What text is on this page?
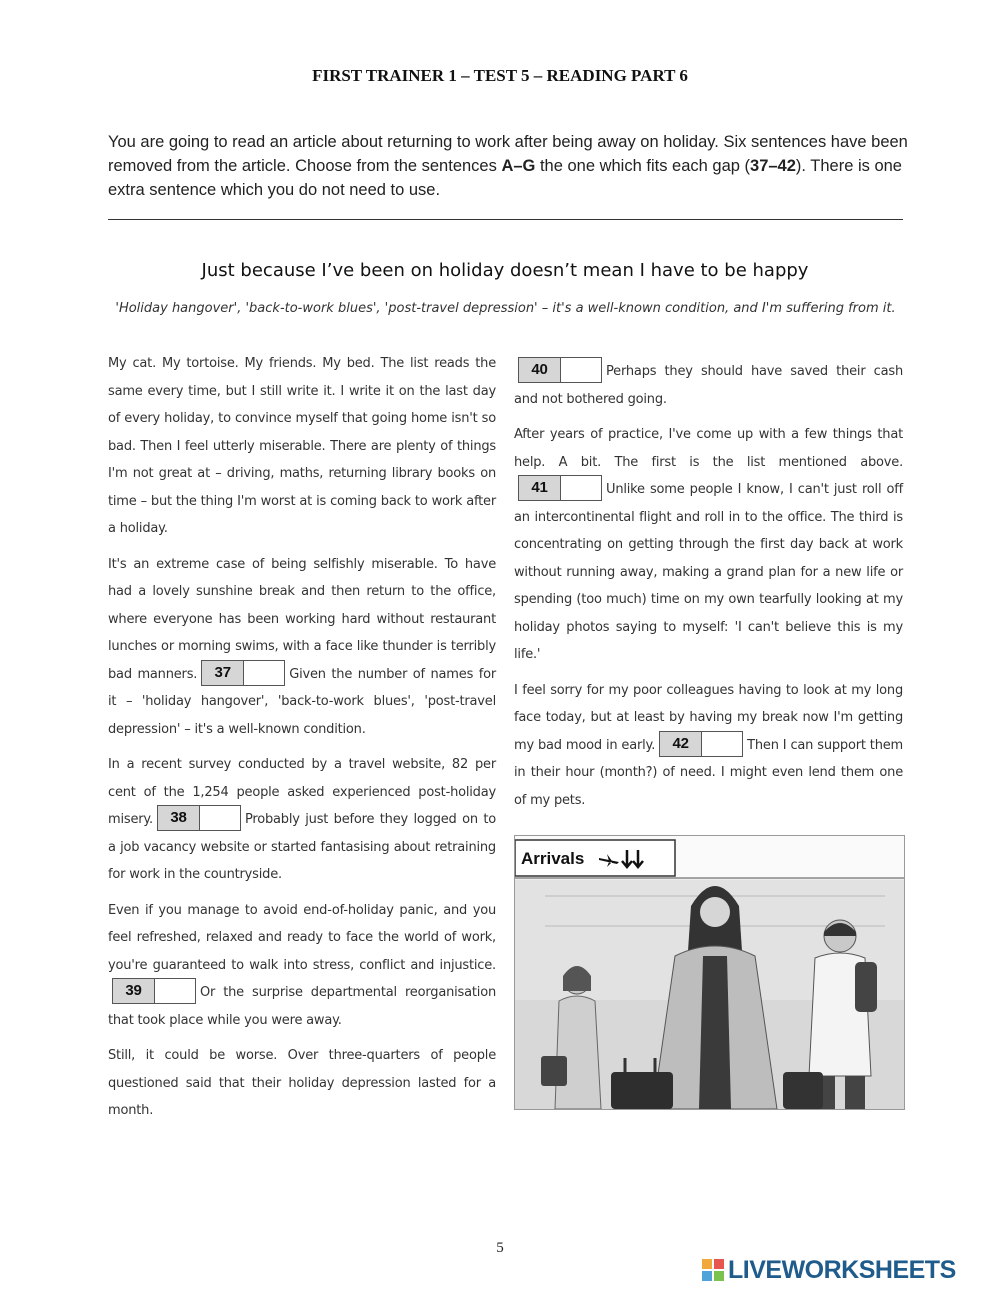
FIRST TRAINER 1 – TEST 5 – READING PART 6
You are going to read an article about returning to work after being away on holiday. Six sentences have been removed from the article. Choose from the sentences A–G the one which fits each gap (37–42). There is one extra sentence which you do not need to use.
Just because I’ve been on holiday doesn’t mean I have to be happy
'Holiday hangover', 'back-to-work blues', 'post-travel depression' – it's a well-known condition, and I'm suffering from it.

My cat. My tortoise. My friends. My bed. The list reads the same every time, but I still write it. I write it on the last day of every holiday, to convince myself that going home isn't so bad. Then I feel utterly miserable. There are plenty of things I'm not great at – driving, maths, returning library books on time – but the thing I'm worst at is coming back to work after a holiday.

It's an extreme case of being selfishly miserable. To have had a lovely sunshine break and then return to the office, where everyone has been working hard without restaurant lunches or morning swims, with a face like thunder is terribly bad manners. 37	Given the number of names for it – 'holiday hangover', 'back-to-work blues', 'post-travel depression' – it's a well-known condition.

In a recent survey conducted by a travel website, 82 per cent of the 1,254 people asked experienced post-holiday misery. 38	Probably just before they logged on to a job vacancy website or started fantasising about retraining for work in the countryside.

Even if you manage to avoid end-of-holiday panic, and you feel refreshed, relaxed and ready to face the world of work, you're guaranteed to walk into stress, conflict and injustice.39	Or the surprise departmental reorganisation that took place while you were away.

Still, it could be worse. Over three-quarters of people questioned said that their holiday depression lasted for a month.

40	Perhaps they should have saved their cash and not bothered going.

After years of practice, I've come up with a few things that help. A bit. The first is the list mentioned above.41	Unlike some people I know, I can't just roll off an intercontinental flight and roll in to the office. The third is concentrating on getting through the first day back at work without running away, making a grand plan for a new life or spending (too much) time on my own tearfully looking at my holiday photos saying to myself: 'I can't believe this is my life.'

I feel sorry for my poor colleagues having to look at my long face today, but at least by having my break now I'm getting my bad mood in early. 42	Then I can support them in their hour (month?) of need. I might even lend them one of my pets.

Arrivals
5
LIVEWORKSHEETS
